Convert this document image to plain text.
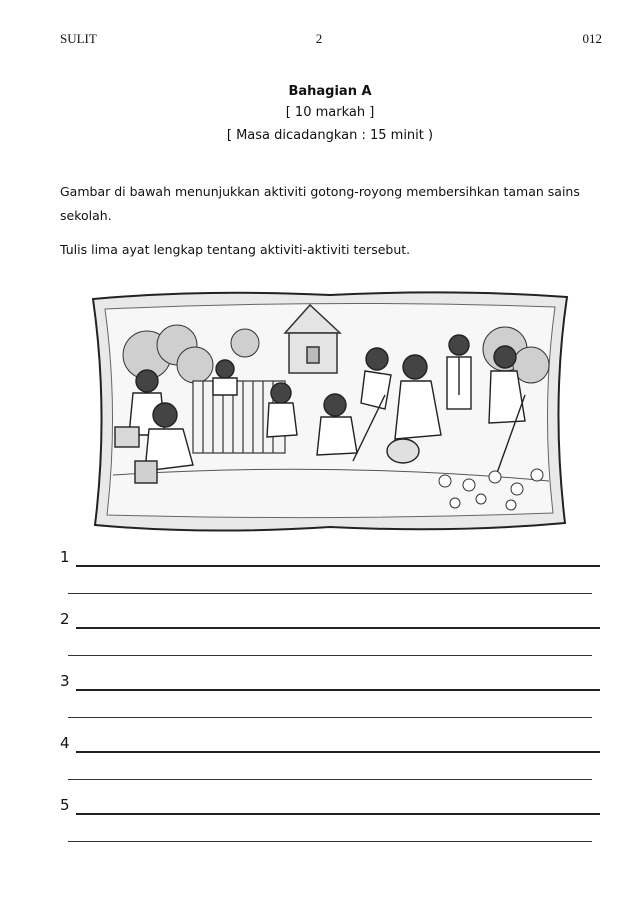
SULIT	2	012
Bahagian A
[ 10 markah ]
[ Masa dicadangkan : 15 minit )
Gambar di bawah menunjukkan aktiviti gotong-royong membersihkan taman sains sekolah.
Tulis lima ayat lengkap tentang aktiviti-aktiviti tersebut.
1
2
3
4
5
